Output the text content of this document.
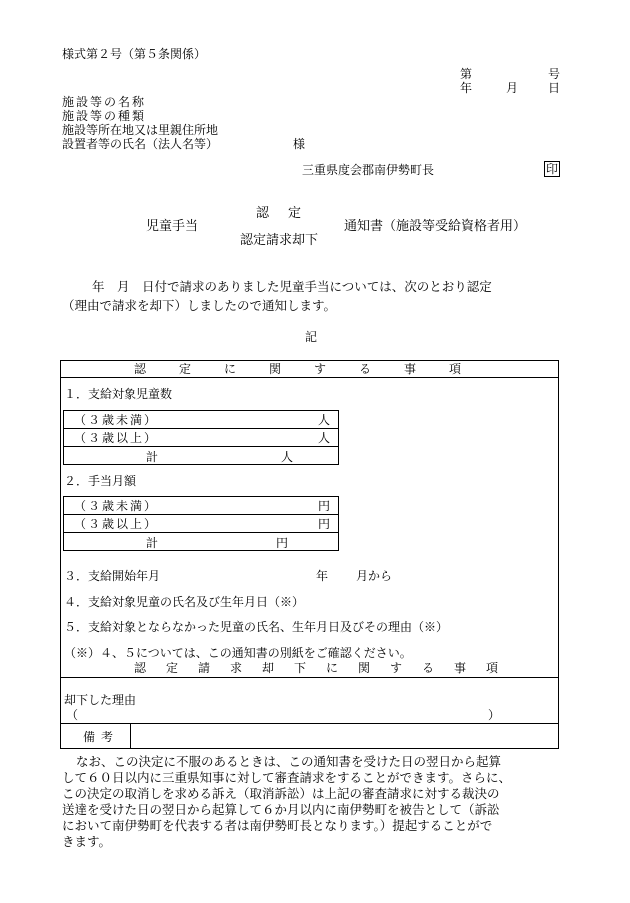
様式第２号（第５条関係）
第	号
年	月 日
施設等の名称
施設等の種類
施設等所在地又は里親住所地
設置者等の氏名（法人名等）	様
三重県度会郡南伊勢町長	印
認　定
児童手当	通知書（施設等受給資格者用）
認定請求却下
年　月　日付で請求のありました児童手当については、次のとおり認定
（理由で請求を却下）しましたので通知します。
記
認定に関する事項
１．支給対象児童数
（３歳未満）	人
（３歳以上）	人
計	人
２．手当月額
（３歳未満）	円
（３歳以上）	円
計	円
３．支給開始年月	年 月から
４．支給対象児童の氏名及び生年月日（※）
５．支給対象とならなかった児童の氏名、生年月日及びその理由（※）
（※）４、５については、この通知書の別紙をご確認ください。
認定請求却下に関する事項
却下した理由
（	）
備考
なお、この決定に不服のあるときは、この通知書を受けた日の翌日から起算
して６０日以内に三重県知事に対して審査請求をすることができます。さらに、
この決定の取消しを求める訴え（取消訴訟）は上記の審査請求に対する裁決の
送達を受けた日の翌日から起算して６か月以内に南伊勢町を被告として（訴訟
において南伊勢町を代表する者は南伊勢町長となります。）提起することがで
きます。
